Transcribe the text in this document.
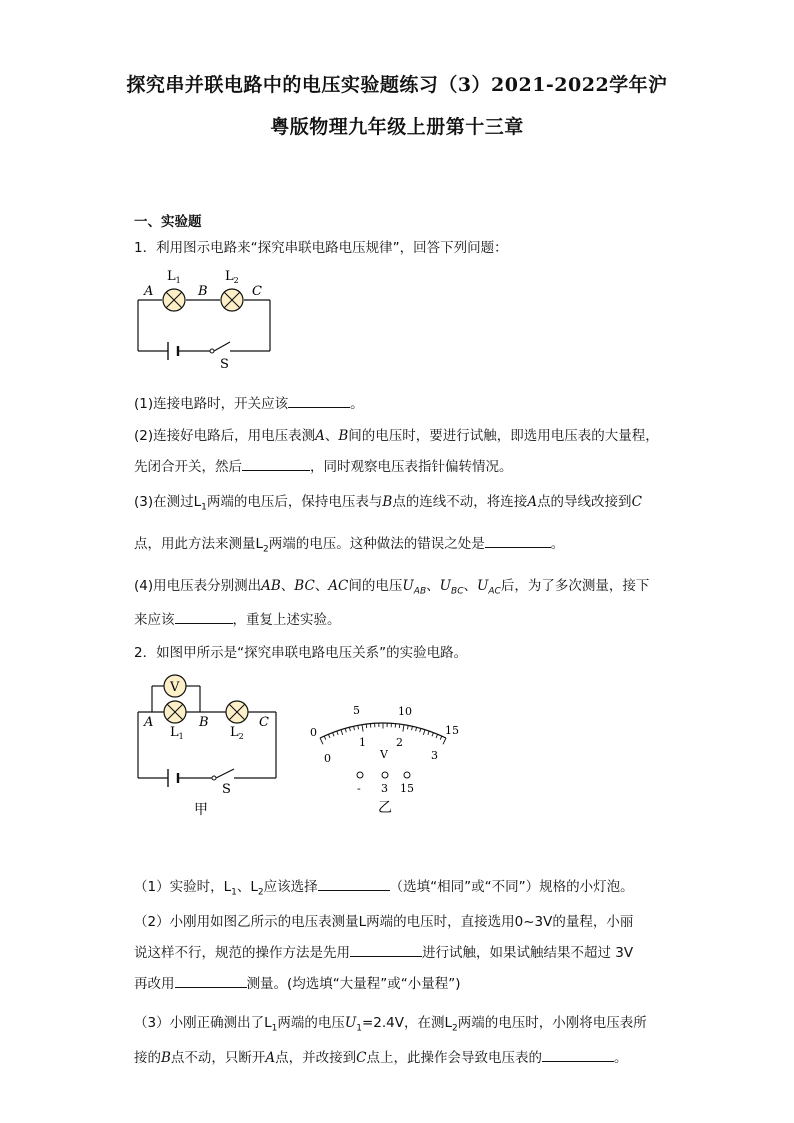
探究串并联电路中的电压实验题练习（3）2021-2022学年沪
粤版物理九年级上册第十三章
一、实验题
1．利用图示电路来“探究串联电路电压规律”，回答下列问题：
A	B	C
$L_1$	$L_2$
S
(1)连接电路时，开关应该	。
(2)连接好电路后，用电压表测A、B间的电压时，要进行试触，即选用电压表的大量程，
先闭合开关，然后	，同时观察电压表指针偏转情况。
(3)在测过$L_1$两端的电压后，保持电压表与B点的连线不动，将连接A点的导线改接到C
点，用此方法来测量$L_2$两端的电压。这种做法的错误之处是	。
(4)用电压表分别测出AB、BC、AC间的电压$U_{AB}$、$U_{BC}$、$U_{AC}$后，为了多次测量，接下
来应该	，重复上述实验。
2．如图甲所示是“探究串联电路电压关系”的实验电路。
V
A	B	C
$L_1$	$L_2$
S
甲
0
5	10
15
0
1	2
3
V
- 3 15
乙
（1）实验时，$L_1$、$L_2$应该选择	（选填“相同”或“不同”）规格的小灯泡。
（2）小刚用如图乙所示的电压表测量L两端的电压时，直接选用0~3V的量程，小丽
说这样不行，规范的操作方法是先用	进行试触，如果试触结果不超过 3V
再改用	测量。(均选填“大量程”或“小量程”)
（3）小刚正确测出了$L_1$两端的电压$U_1=2.4V$，在测$L_2$两端的电压时，小刚将电压表所
接的B点不动，只断开A点，并改接到C点上，此操作会导致电压表的	。
